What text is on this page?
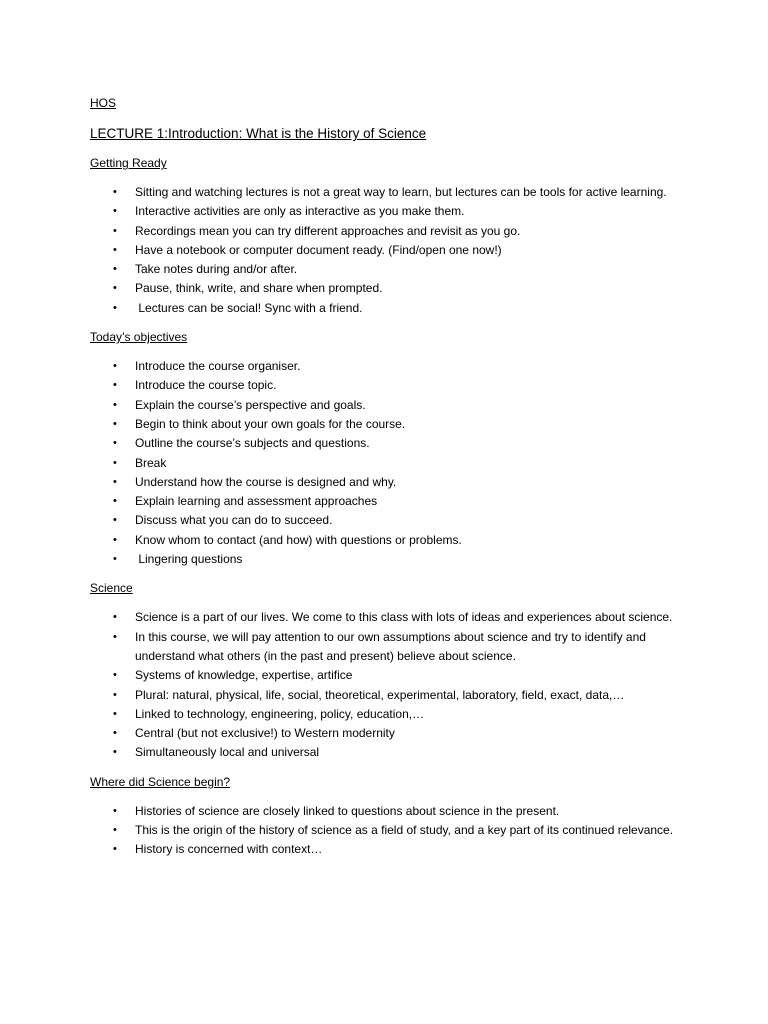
HOS

LECTURE 1:Introduction: What is the History of Science

Getting Ready

• Sitting and watching lectures is not a great way to learn, but lectures can be tools for active learning.
• Interactive activities are only as interactive as you make them.
• Recordings mean you can try different approaches and revisit as you go.
• Have a notebook or computer document ready. (Find/open one now!)
• Take notes during and/or after.
• Pause, think, write, and share when prompted.
• Lectures can be social! Sync with a friend.

Today’s objectives

• Introduce the course organiser.
• Introduce the course topic.
• Explain the course’s perspective and goals.
• Begin to think about your own goals for the course.
• Outline the course’s subjects and questions.
• Break
• Understand how the course is designed and why.
• Explain learning and assessment approaches
• Discuss what you can do to succeed.
• Know whom to contact (and how) with questions or problems.
• Lingering questions

Science

• Science is a part of our lives. We come to this class with lots of ideas and experiences about science.
• In this course, we will pay attention to our own assumptions about science and try to identify and understand what others (in the past and present) believe about science.
• Systems of knowledge, expertise, artifice
• Plural: natural, physical, life, social, theoretical, experimental, laboratory, field, exact, data,…
• Linked to technology, engineering, policy, education,…
• Central (but not exclusive!) to Western modernity
• Simultaneously local and universal

Where did Science begin?

• Histories of science are closely linked to questions about science in the present.
• This is the origin of the history of science as a field of study, and a key part of its continued relevance.
• History is concerned with context…
